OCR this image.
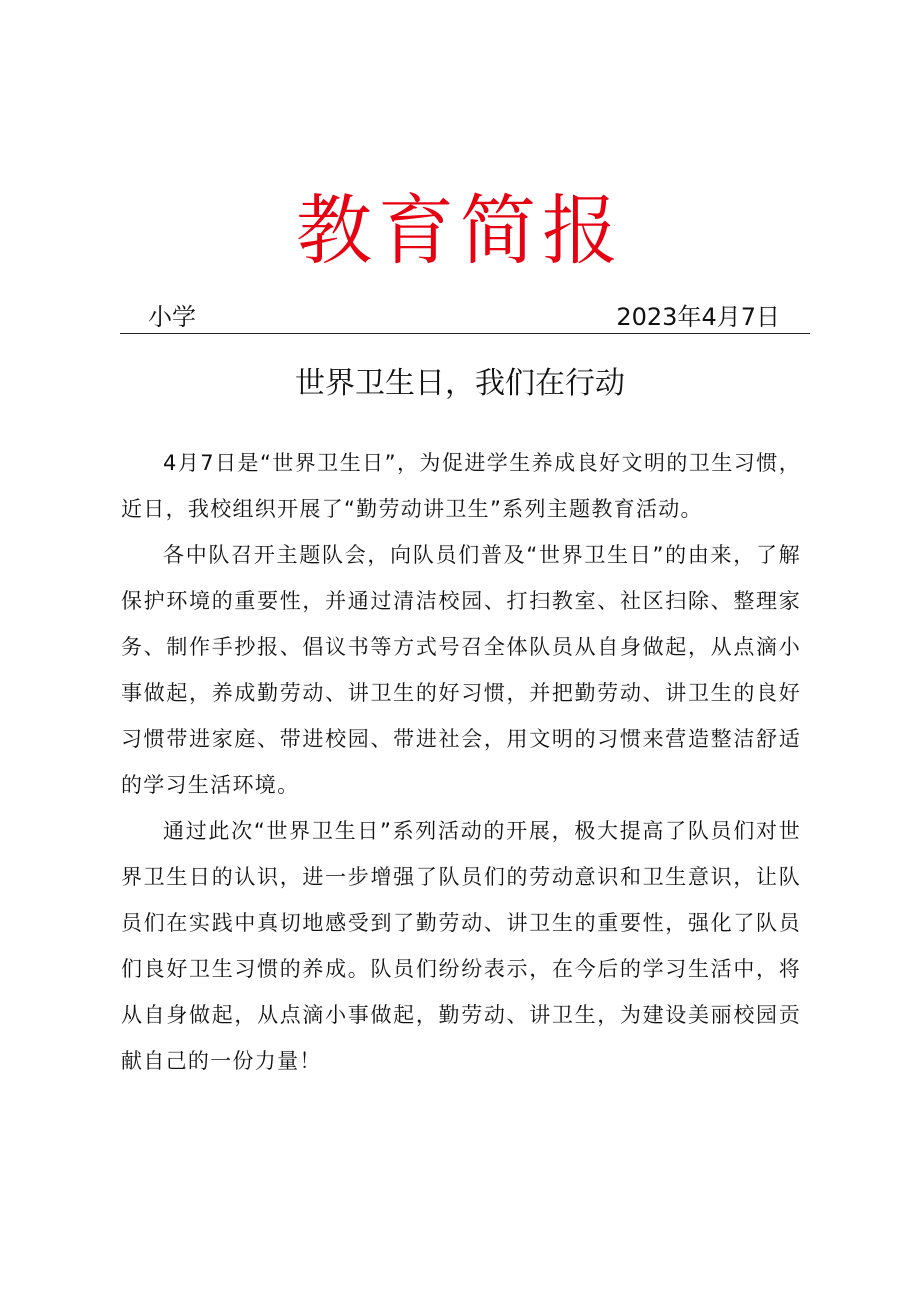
教育简报
小学	2023年4月7日
世界卫生日，我们在行动

4月7日是“世界卫生日”，为促进学生养成良好文明的卫生习惯，近日，我校组织开展了“勤劳动讲卫生”系列主题教育活动。

各中队召开主题队会，向队员们普及“世界卫生日”的由来，了解保护环境的重要性，并通过清洁校园、打扫教室、社区扫除、整理家务、制作手抄报、倡议书等方式号召全体队员从自身做起，从点滴小事做起，养成勤劳动、讲卫生的好习惯，并把勤劳动、讲卫生的良好习惯带进家庭、带进校园、带进社会，用文明的习惯来营造整洁舒适的学习生活环境。

通过此次“世界卫生日”系列活动的开展，极大提高了队员们对世界卫生日的认识，进一步增强了队员们的劳动意识和卫生意识，让队员们在实践中真切地感受到了勤劳动、讲卫生的重要性，强化了队员们良好卫生习惯的养成。队员们纷纷表示，在今后的学习生活中，将从自身做起，从点滴小事做起，勤劳动、讲卫生，为建设美丽校园贡献自己的一份力量！
